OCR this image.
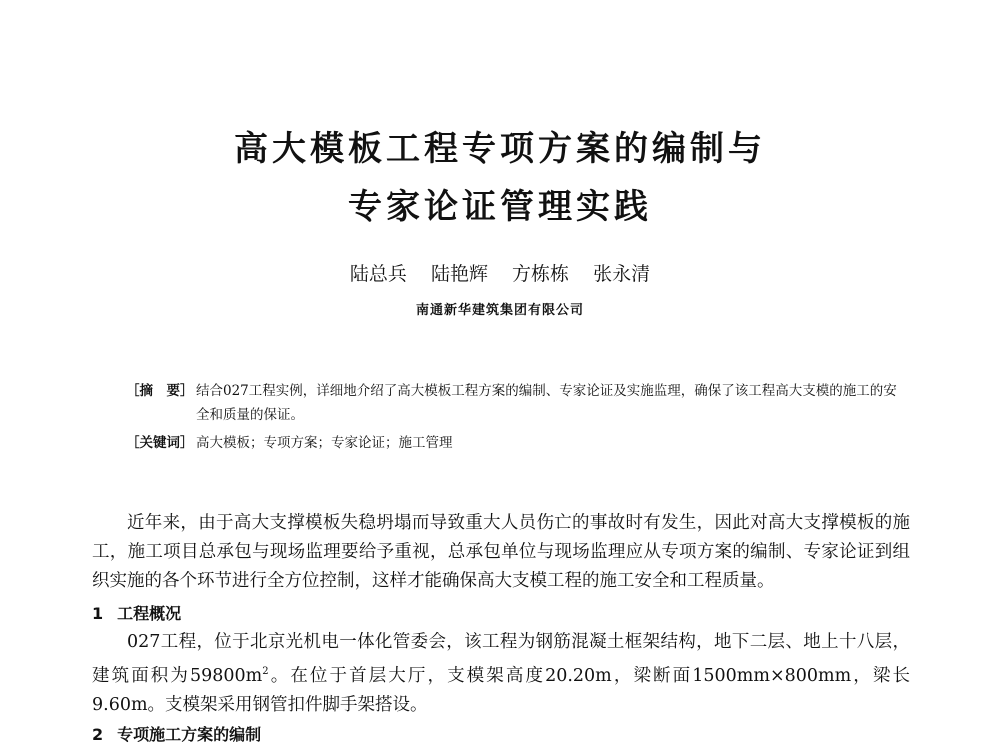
高大模板工程专项方案的编制与
专家论证管理实践
陆总兵 陆艳辉 方栋栋 张永清
南通新华建筑集团有限公司
［摘　要］ 结合027工程实例，详细地介绍了高大模板工程方案的编制、专家论证及实施监理，确保了该工程高大支模的施工的安全和质量的保证。
［关键词］ 高大模板；专项方案；专家论证；施工管理

近年来，由于高大支撑模板失稳坍塌而导致重大人员伤亡的事故时有发生，因此对高大支撑模板的施工，施工项目总承包与现场监理要给予重视，总承包单位与现场监理应从专项方案的编制、专家论证到组织实施的各个环节进行全方位控制，这样才能确保高大支模工程的施工安全和工程质量。

1 工程概况

027工程，位于北京光机电一体化管委会，该工程为钢筋混凝土框架结构，地下二层、地上十八层，建筑面积为$59800m^2$。在位于首层大厅，支模架高度20.20m，梁断面1500mm×800mm，梁长9.60m。支模架采用钢管扣件脚手架搭设。

2 专项施工方案的编制
